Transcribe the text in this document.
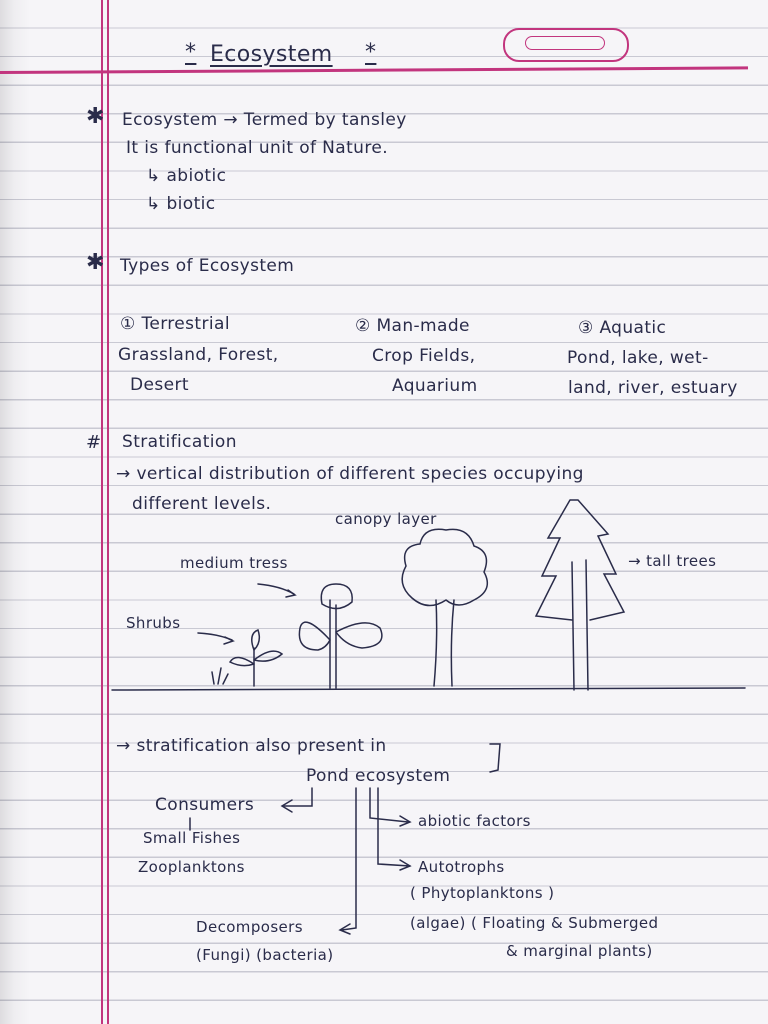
* Ecosystem *
✱ Ecosystem → Termed by tansley
It is functional unit of Nature.
↳ abiotic
↳ biotic
✱ Types of Ecosystem
① Terrestrial
Grassland, Forest,
Desert
② Man-made
Crop Fields,
Aquarium
③ Aquatic
Pond, lake, wet-
land, river, estuary
# Stratification
→ vertical distribution of different species occupying
different levels.
canopy layer
medium tress	→ tall trees
Shrubs
→ stratification also present in
Pond ecosystem
Consumers
Small Fishes
Zooplanktons
abiotic factors
Autotrophs
( Phytoplanktons )
(algae) ( Floating & Submerged
& marginal plants)
Decomposers
(Fungi) (bacteria)
